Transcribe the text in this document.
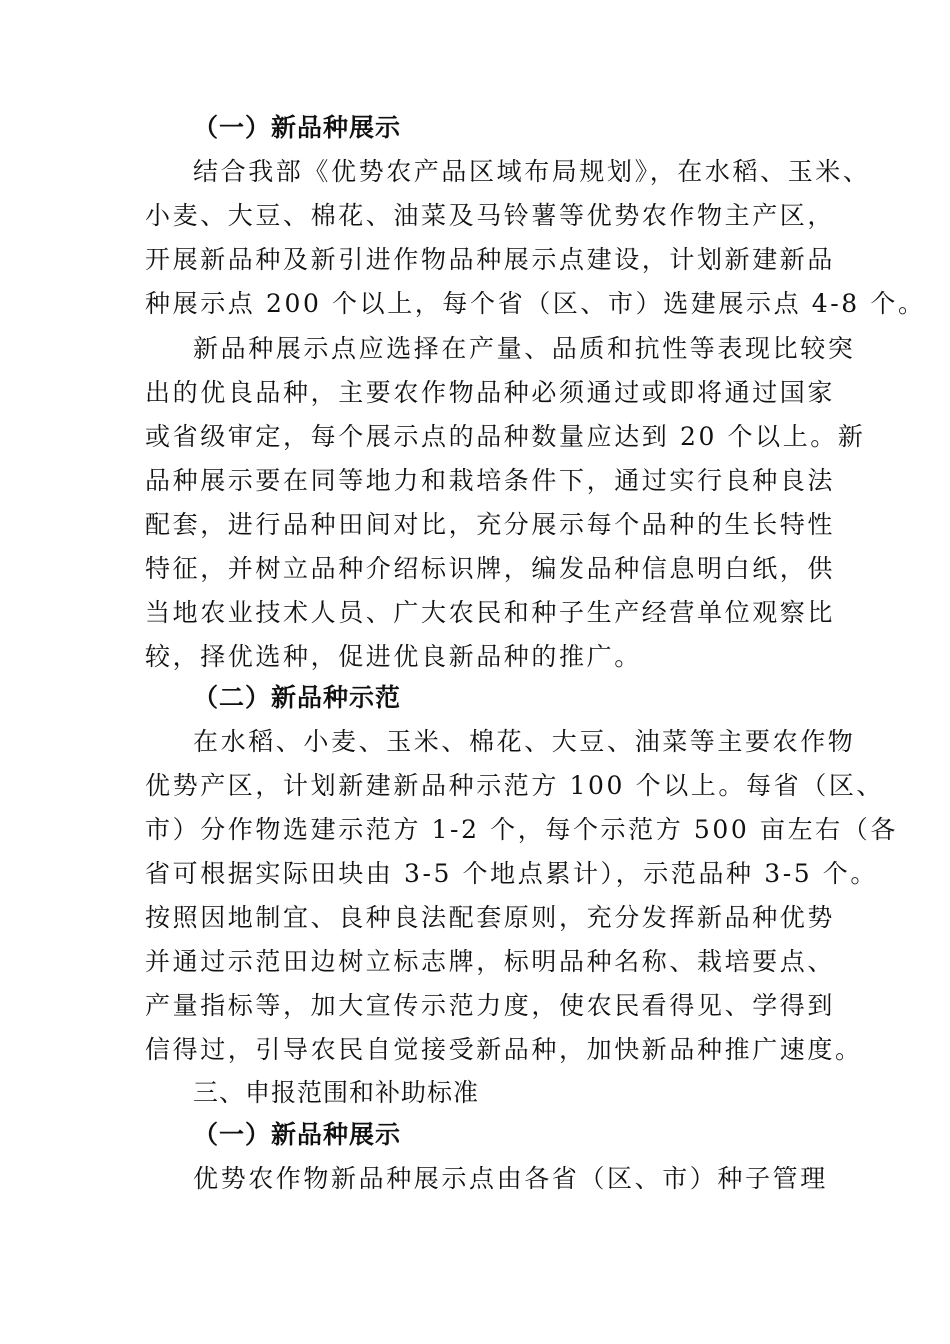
（一）新品种展示
结合我部《优势农产品区域布局规划》，在水稻、玉米、
小麦、大豆、棉花、油菜及马铃薯等优势农作物主产区，
开展新品种及新引进作物品种展示点建设，计划新建新品
种展示点 200 个以上，每个省（区、市）选建展示点 4-8 个。
新品种展示点应选择在产量、品质和抗性等表现比较突
出的优良品种，主要农作物品种必须通过或即将通过国家
或省级审定，每个展示点的品种数量应达到 20 个以上。新
品种展示要在同等地力和栽培条件下，通过实行良种良法
配套，进行品种田间对比，充分展示每个品种的生长特性
特征，并树立品种介绍标识牌，编发品种信息明白纸，供
当地农业技术人员、广大农民和种子生产经营单位观察比
较，择优选种，促进优良新品种的推广。
（二）新品种示范
在水稻、小麦、玉米、棉花、大豆、油菜等主要农作物
优势产区，计划新建新品种示范方 100 个以上。每省（区、
市）分作物选建示范方 1-2 个，每个示范方 500 亩左右（各
省可根据实际田块由 3-5 个地点累计），示范品种 3-5 个。
按照因地制宜、良种良法配套原则，充分发挥新品种优势
并通过示范田边树立标志牌，标明品种名称、栽培要点、
产量指标等，加大宣传示范力度，使农民看得见、学得到
信得过，引导农民自觉接受新品种，加快新品种推广速度。
三、申报范围和补助标准
（一）新品种展示
优势农作物新品种展示点由各省（区、市）种子管理
